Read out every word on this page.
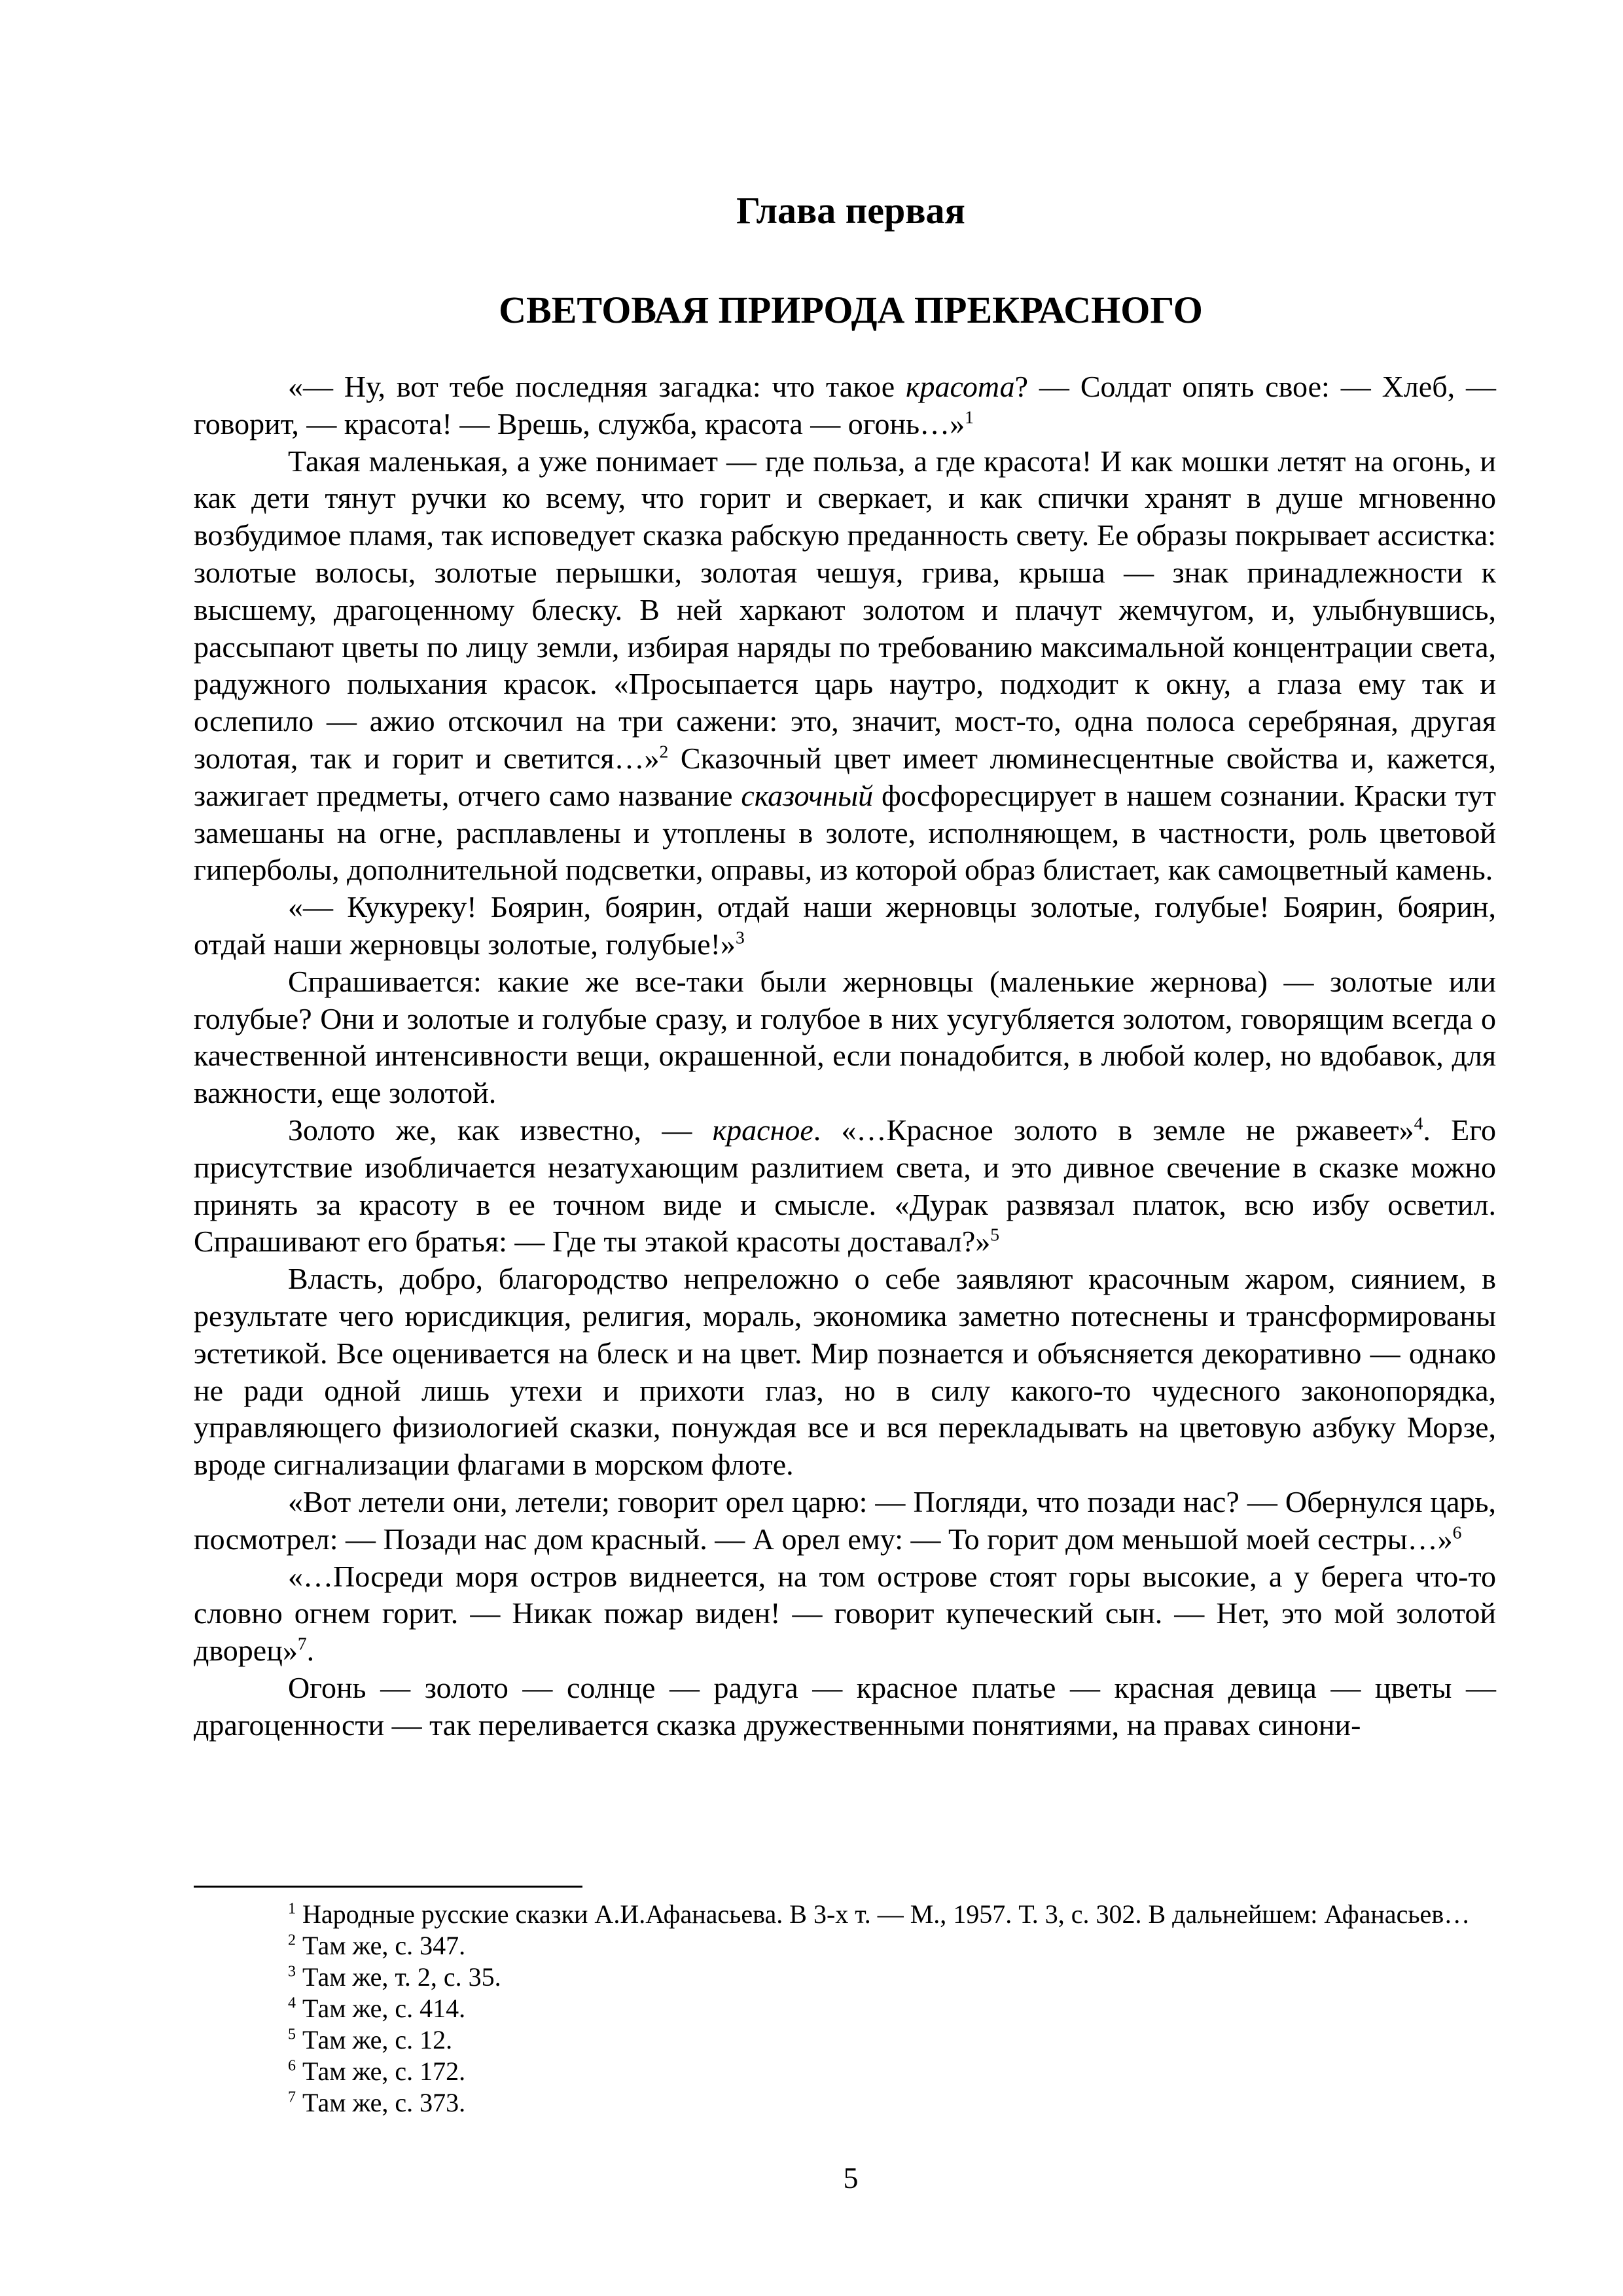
Глава первая
СВЕТОВАЯ ПРИРОДА ПРЕКРАСНОГО

«— Ну, вот тебе последняя загадка: что такое красота? — Солдат опять свое: — Хлеб, — говорит, — красота! — Врешь, служба, красота — огонь…»$^1$

Такая маленькая, а уже понимает — где польза, а где красота! И как мошки летят на огонь, и как дети тянут ручки ко всему, что горит и сверкает, и как спички хранят в душе мгновенно возбудимое пламя, так исповедует сказка рабскую преданность свету. Ее образы покрывает ассистка: золотые волосы, золотые перышки, золотая чешуя, грива, крыша — знак принадлежности к высшему, драгоценному блеску. В ней харкают золотом и плачут жемчугом, и, улыбнувшись, рассыпают цветы по лицу земли, избирая наряды по требованию максимальной концентрации света, радужного полыхания красок. «Просыпается царь наутро, подходит к окну, а глаза ему так и ослепило — ажио отскочил на три сажени: это, значит, мост-то, одна полоса серебряная, другая золотая, так и горит и светится…»$^2$ Сказочный цвет имеет люминесцентные свойства и, кажется, зажигает предметы, отчего само название сказочный фосфоресцирует в нашем сознании. Краски тут замешаны на огне, расплавлены и утоплены в золоте, исполняющем, в частности, роль цветовой гиперболы, дополнительной подсветки, оправы, из которой образ блистает, как самоцветный камень.

«— Кукуреку! Боярин, боярин, отдай наши жерновцы золотые, голубые! Боярин, боярин, отдай наши жерновцы золотые, голубые!»$^3$

Спрашивается: какие же все-таки были жерновцы (маленькие жернова) — золотые или голубые? Они и золотые и голубые сразу, и голубое в них усугубляется золотом, говорящим всегда о качественной интенсивности вещи, окрашенной, если понадобится, в любой колер, но вдобавок, для важности, еще золотой.

Золото же, как известно, — красное. «…Красное золото в земле не ржавеет»$^4$. Его присутствие изобличается незатухающим разлитием света, и это дивное свечение в сказке можно принять за красоту в ее точном виде и смысле. «Дурак развязал платок, всю избу осветил. Спрашивают его братья: — Где ты этакой красоты доставал?»$^5$

Власть, добро, благородство непреложно о себе заявляют красочным жаром, сиянием, в результате чего юрисдикция, религия, мораль, экономика заметно потеснены и трансформированы эстетикой. Все оценивается на блеск и на цвет. Мир познается и объясняется декоративно — однако не ради одной лишь утехи и прихоти глаз, но в силу какого-то чудесного законопорядка, управляющего физиологией сказки, понуждая все и вся перекладывать на цветовую азбуку Морзе, вроде сигнализации флагами в морском флоте.

«Вот летели они, летели; говорит орел царю: — Погляди, что позади нас? — Обернулся царь, посмотрел: — Позади нас дом красный. — А орел ему: — То горит дом меньшой моей сестры…»$^6$

«…Посреди моря остров виднеется, на том острове стоят горы высокие, а у берега что-то словно огнем горит. — Никак пожар виден! — говорит купеческий сын. — Нет, это мой золотой дворец»$^7$.

Огонь — золото — солнце — радуга — красное платье — красная девица — цветы — драгоценности — так переливается сказка дружественными понятиями, на правах синони-

$^1$ Народные русские сказки А.И.Афанасьева. В 3-х т. — М., 1957. Т. 3, с. 302. В дальнейшем: Афанасьев…

$^2$ Там же, с. 347.

$^3$ Там же, т. 2, с. 35.

$^4$ Там же, с. 414.

$^5$ Там же, с. 12.

$^6$ Там же, с. 172.

$^7$ Там же, с. 373.

5
